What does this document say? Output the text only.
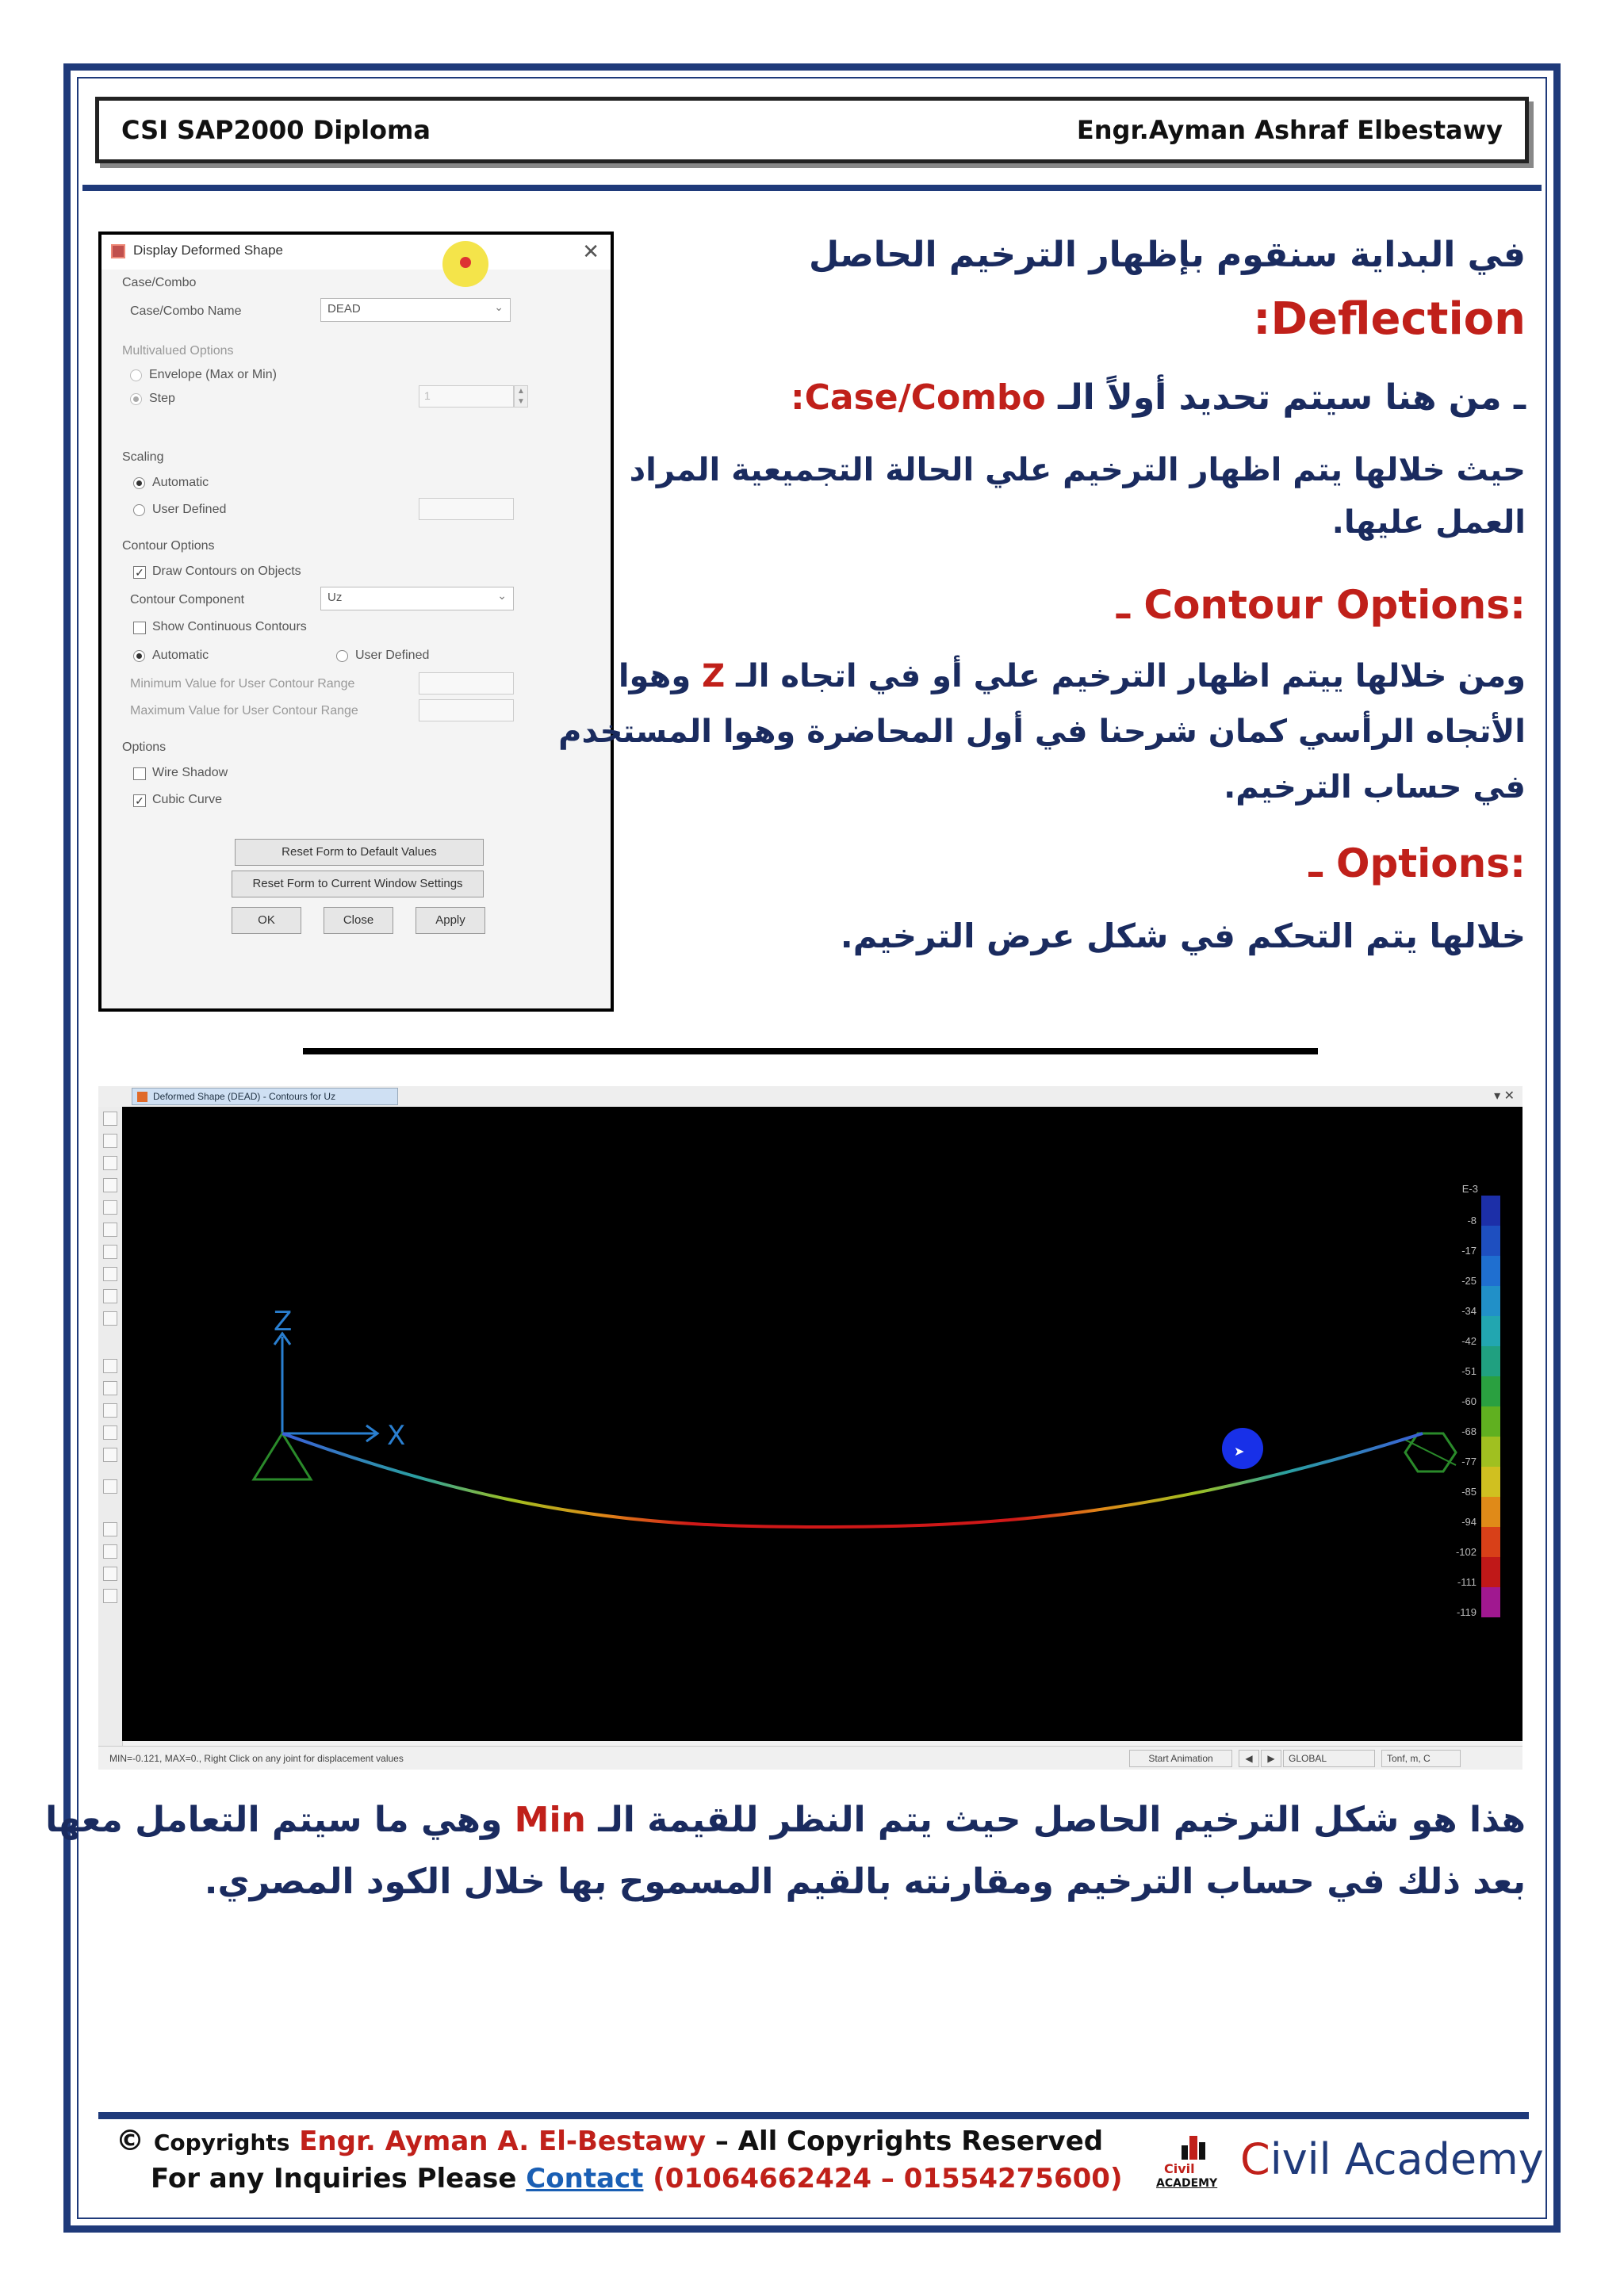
CSI SAP2000 Diploma	Engr.Ayman Ashraf Elbestawy
Display Deformed Shape	✕
Case/Combo
Case/Combo Name	DEAD	⌄
Multivalued Options
Envelope (Max or Min)
Step	1	▲
▼
Scaling
Automatic
User Defined
Contour Options
✓ Draw Contours on Objects
Contour Component	Uz	⌄
Show Continuous Contours
Automatic	User Defined
Minimum Value for User Contour Range
Maximum Value for User Contour Range
Options
Wire Shadow
✓ Cubic Curve
Reset Form to Default Values
Reset Form to Current Window Settings
OK	Close	Apply
في البداية سنقوم بإظهار الترخيم الحاصل
:Deflection
ـ من هنا سيتم تحديد أولاً الـ :Case/Combo
حيث خلالها يتم اظهار الترخيم علي الحالة التجميعية المراد
العمل عليها.
:Contour Options ـ
ومن خلالها ييتم اظهار الترخيم علي أو في اتجاه الـ Z وهوا
الأتجاه الرأسي كمان شرحنا في أول المحاضرة وهوا المستخدم
في حساب الترخيم.
:Options ـ
خلالها يتم التحكم في شكل عرض الترخيم.
Deformed Shape (DEAD) - Contours for Uz	▾ ✕
Z
X
➤
E-3
-8
-17
-25
-34
-42
-51
-60
-68
-77
-85
-94
-102
-111
-119
MIN=-0.121, MAX=0., Right Click on any joint for displacement values	Start Animation	◀	▶	GLOBAL	Tonf, m, C
هذا هو شكل الترخيم الحاصل حيث يتم النظر للقيمة الـ Min وهي ما سيتم التعامل معها
بعد ذلك في حساب الترخيم ومقارنته بالقيم المسموح بها خلال الكود المصري.
© Copyrights Engr. Ayman A. El-Bestawy – All Copyrights Reserved
For any Inquiries Please Contact (01064662424 – 01554275600)	Civil
ACADEMY Civil Academy
